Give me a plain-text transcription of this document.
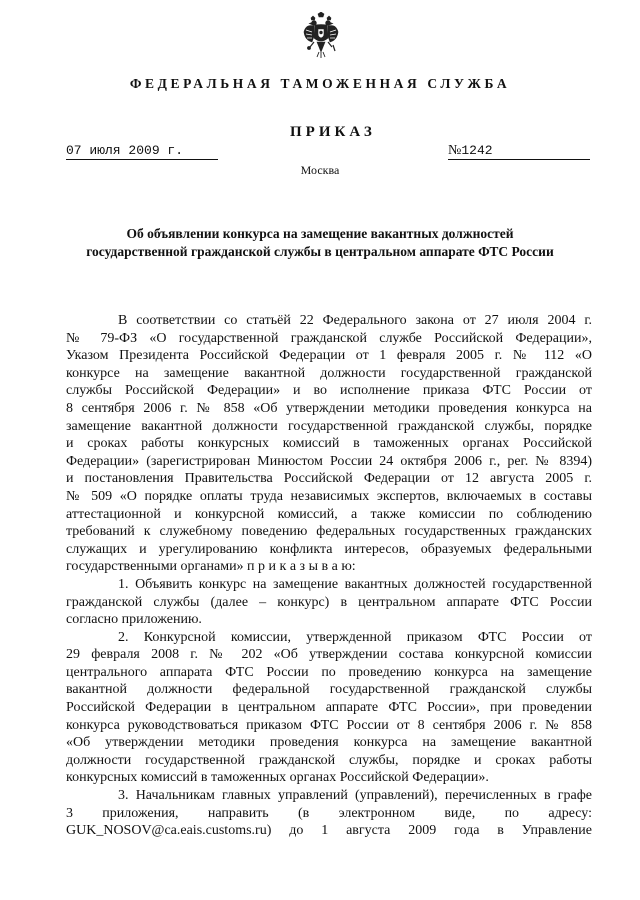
ФЕДЕРАЛЬНАЯ ТАМОЖЕННАЯ СЛУЖБА
ПРИКАЗ
07 июля 2009 г.	№1242
Москва
Об объявлении конкурса на замещение вакантных должностей
государственной гражданской службы в центральном аппарате ФТС России
В соответствии со статьёй 22 Федерального закона от 27 июля 2004 г.
№ 79-ФЗ «О государственной гражданской службе Российской Федерации»,
Указом Президента Российской Федерации от 1 февраля 2005 г. № 112 «О
конкурсе на замещение вакантной должности государственной гражданской
службы Российской Федерации» и во исполнение приказа ФТС России от
8 сентября 2006 г. № 858 «Об утверждении методики проведения конкурса на
замещение вакантной должности государственной гражданской службы, порядке
и сроках работы конкурсных комиссий в таможенных органах Российской
Федерации» (зарегистрирован Минюстом России 24 октября 2006 г., рег. № 8394)
и постановления Правительства Российской Федерации от 12 августа 2005 г.
№ 509 «О порядке оплаты труда независимых экспертов, включаемых в составы
аттестационной и конкурсной комиссий, а также комиссии по соблюдению
требований к служебному поведению федеральных государственных гражданских
служащих и урегулированию конфликта интересов, образуемых федеральными
государственными органами» п р и к а з ы в а ю:
1. Объявить конкурс на замещение вакантных должностей государственной
гражданской службы (далее – конкурс) в центральном аппарате ФТС России
согласно приложению.
2. Конкурсной комиссии, утвержденной приказом ФТС России от
29 февраля 2008 г. № 202 «Об утверждении состава конкурсной комиссии
центрального аппарата ФТС России по проведению конкурса на замещение
вакантной должности федеральной государственной гражданской службы
Российской Федерации в центральном аппарате ФТС России», при проведении
конкурса руководствоваться приказом ФТС России от 8 сентября 2006 г. № 858
«Об утверждении методики проведения конкурса на замещение вакантной
должности государственной гражданской службы, порядке и сроках работы
конкурсных комиссий в таможенных органах Российской Федерации».
3. Начальникам главных управлений (управлений), перечисленных в графе
3 приложения, направить (в электронном виде, по адресу:
GUK_NOSOV@ca.eais.customs.ru) до 1 августа 2009 года в Управление
